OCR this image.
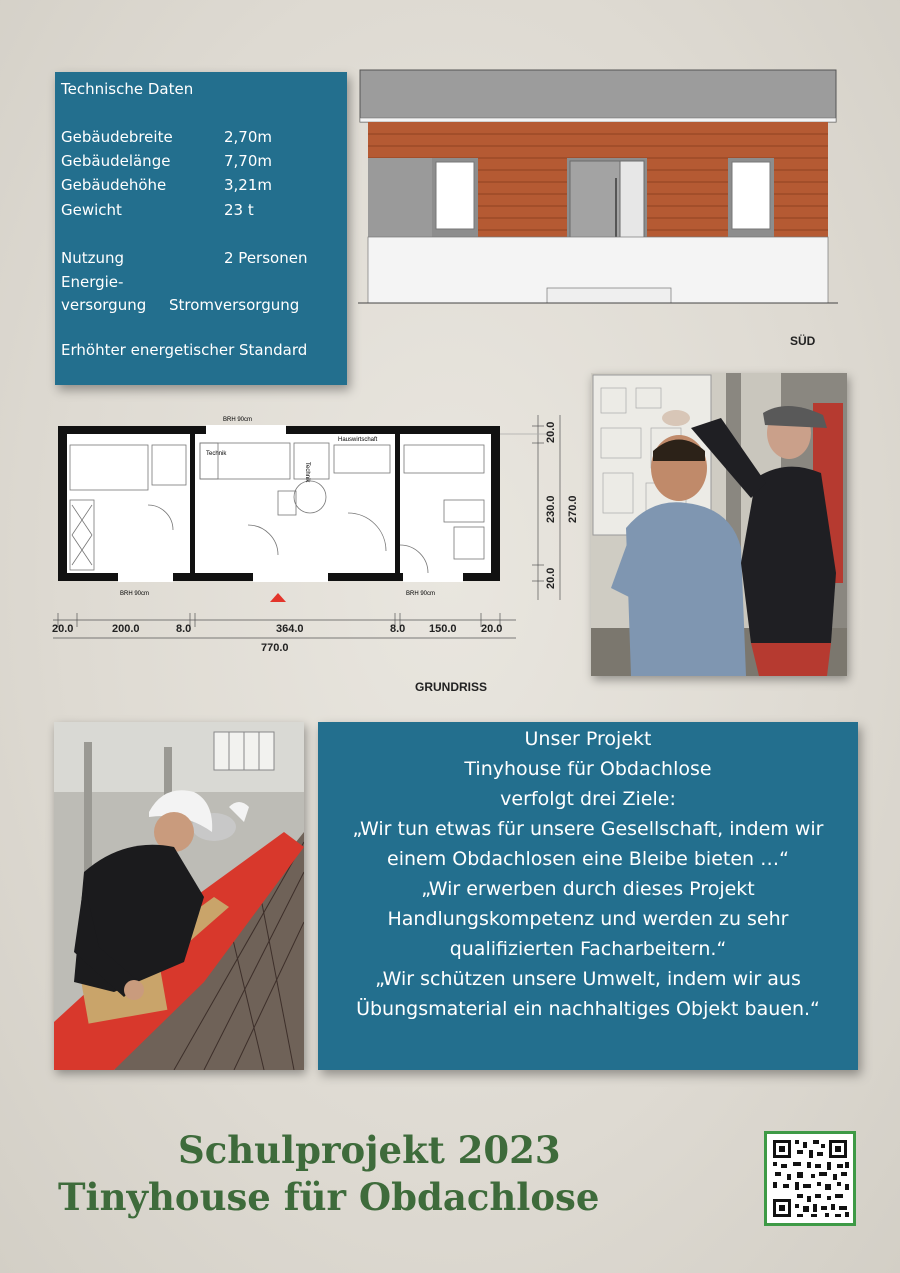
Technische Daten
Gebäudebreite	2,70m
Gebäudelänge	7,70m
Gebäudehöhe	3,21m
Gewicht	23 t
Nutzung	2 Personen
Energie-
versorgung Stromversorgung
Erhöhter energetischer Standard	SÜD
BRH 90cm
BRH 90cm	BRH 90cm
Technik
Technik
Hauswirtschaft
20.0	200.0	8.0	364.0	8.0 150.0 20.0
770.0
20.0
230.0
20.0
270.0
GRUNDRISS
Unser Projekt
Tinyhouse für Obdachlose
verfolgt drei Ziele:
„Wir tun etwas für unsere Gesellschaft, indem wir
einem Obdachlosen eine Bleibe bieten …“
„Wir erwerben durch dieses Projekt
Handlungskompetenz und werden zu sehr
qualifizierten Facharbeitern.“
„Wir schützen unsere Umwelt, indem wir aus
Übungsmaterial ein nachhaltiges Objekt bauen.“
Schulprojekt 2023
Tinyhouse für Obdachlose
